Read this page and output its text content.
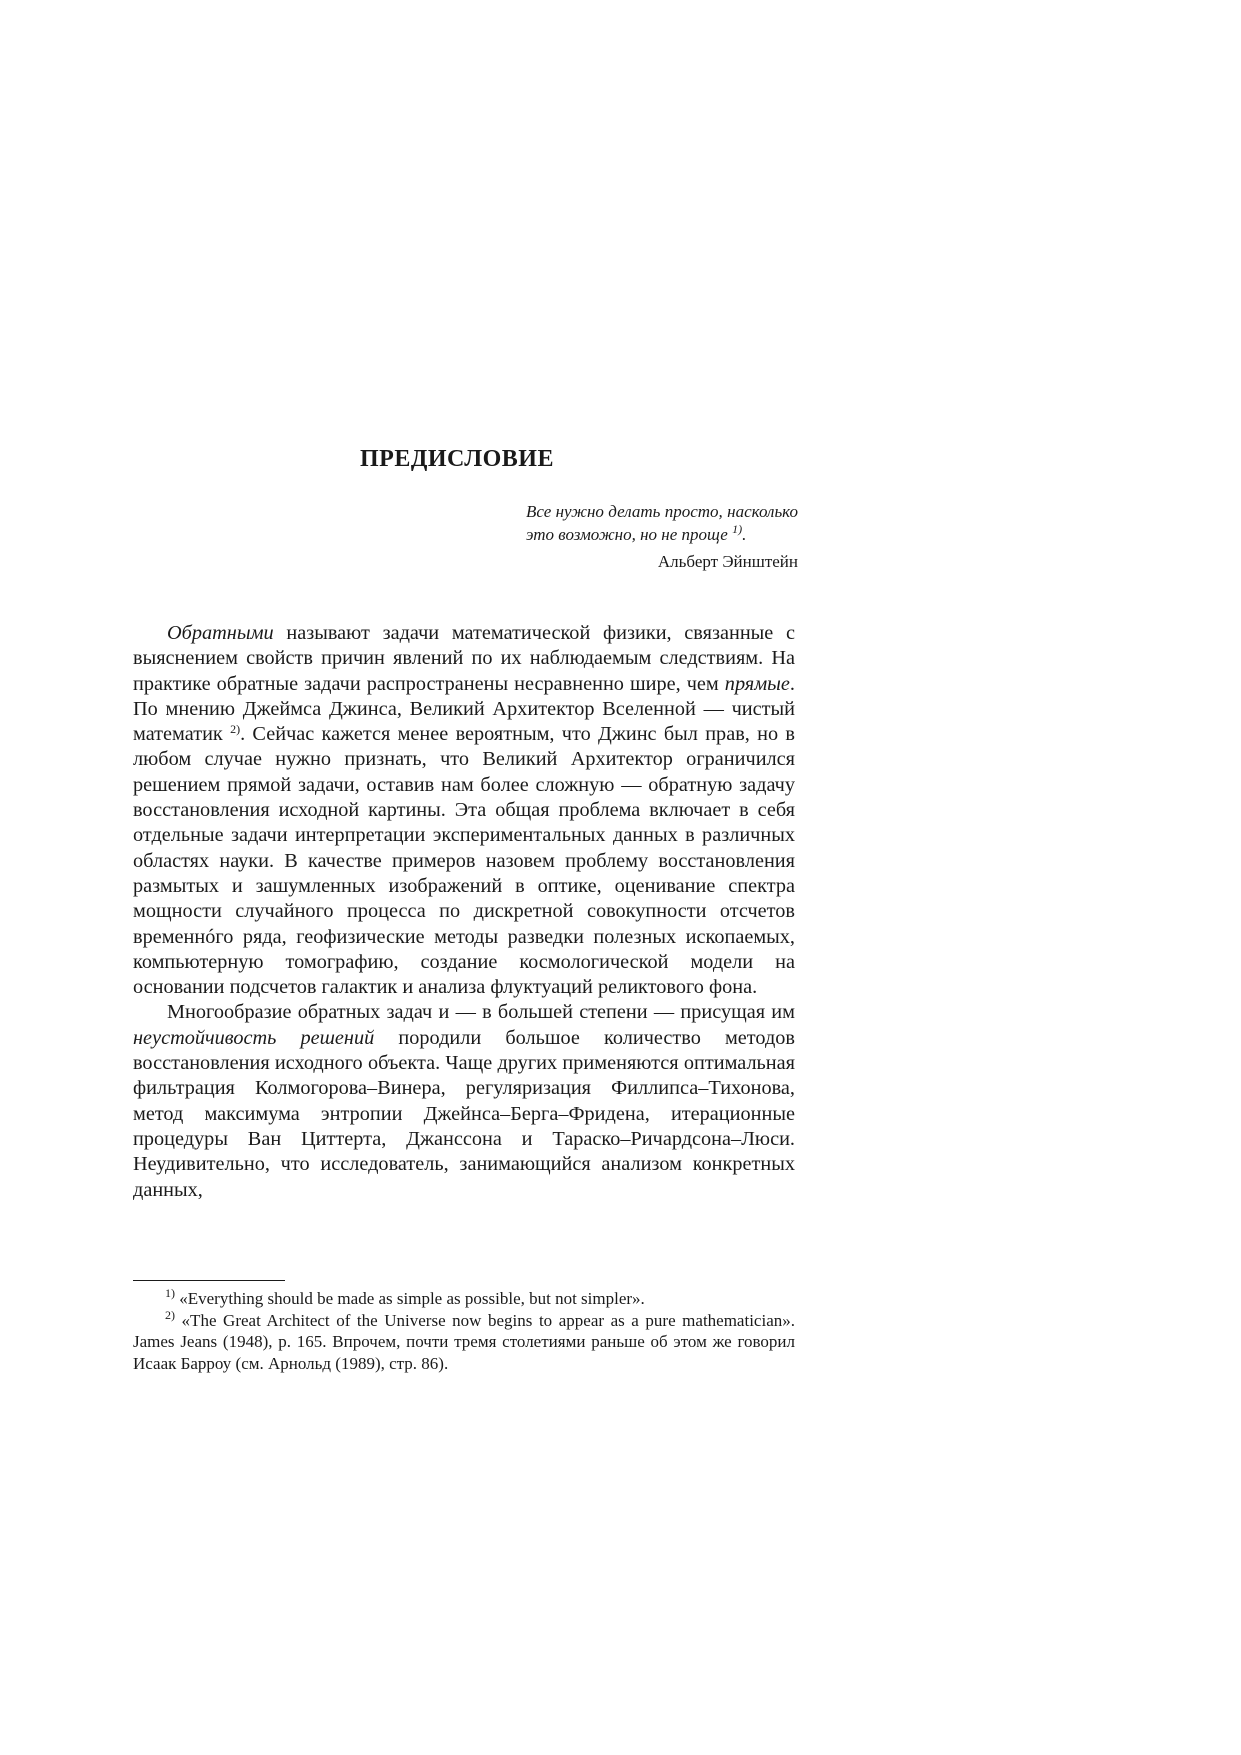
ПРЕДИСЛОВИЕ

Все нужно делать просто, насколько это возможно, но не проще $^{1)}$.

Альберт Эйнштейн

Обратными называют задачи математической физики, связанные с выяснением свойств причин явлений по их наблюдаемым следствиям. На практике обратные задачи распространены несравненно шире, чем прямые. По мнению Джеймса Джинса, Великий Архитектор Вселенной — чистый математик $^{2)}$. Сейчас кажется менее вероятным, что Джинс был прав, но в любом случае нужно признать, что Великий Архитектор ограничился решением прямой задачи, оставив нам более сложную — обратную задачу восстановления исходной картины. Эта общая проблема включает в себя отдельные задачи интерпретации экспериментальных данных в различных областях науки. В качестве примеров назовем проблему восстановления размытых и зашумленных изображений в оптике, оценивание спектра мощности случайного процесса по дискретной совокупности отсчетов временнóго ряда, геофизические методы разведки полезных ископаемых, компьютерную томографию, создание космологической модели на основании подсчетов галактик и анализа флуктуаций реликтового фона.

Многообразие обратных задач и — в большей степени — присущая им неустойчивость решений породили большое количество методов восстановления исходного объекта. Чаще других применяются оптимальная фильтрация Колмогорова–Винера, регуляризация Филлипса–Тихонова, метод максимума энтропии Джейнса–Берга–Фридена, итерационные процедуры Ван Циттерта, Джанссона и Тараско–Ричардсона–Люси. Неудивительно, что исследователь, занимающийся анализом конкретных данных,

$^{1)}$ «Everything should be made as simple as possible, but not simpler».

$^{2)}$ «The Great Architect of the Universe now begins to appear as a pure mathematician». James Jeans (1948), p. 165. Впрочем, почти тремя столетиями раньше об этом же говорил Исаак Барроу (см. Арнольд (1989), стр. 86).
